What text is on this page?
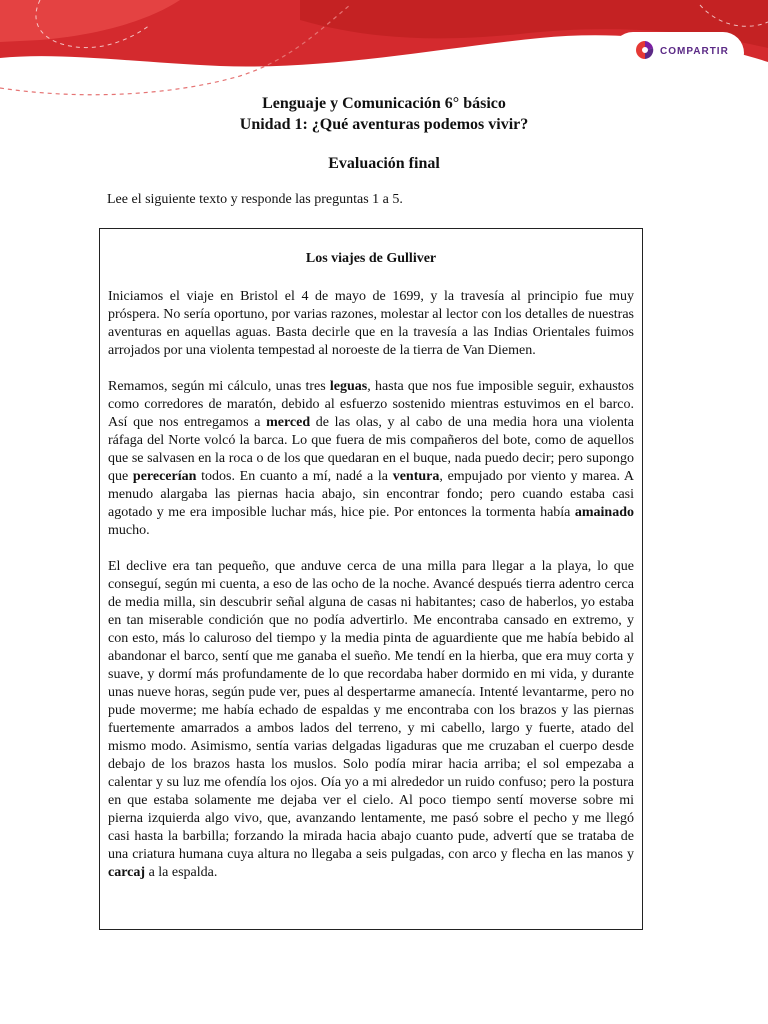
COMPARTIR
Lenguaje y Comunicación 6° básico
Unidad 1: ¿Qué aventuras podemos vivir?
Evaluación final
Lee el siguiente texto y responde las preguntas 1 a 5.
Los viajes de Gulliver

Iniciamos el viaje en Bristol el 4 de mayo de 1699, y la travesía al principio fue muy próspera. No sería oportuno, por varias razones, molestar al lector con los detalles de nuestras aventuras en aquellas aguas. Basta decirle que en la travesía a las Indias Orientales fuimos arrojados por una violenta tempestad al noroeste de la tierra de Van Diemen.

Remamos, según mi cálculo, unas tres leguas, hasta que nos fue imposible seguir, exhaustos como corredores de maratón, debido al esfuerzo sostenido mientras estuvimos en el barco. Así que nos entregamos a merced de las olas, y al cabo de una media hora una violenta ráfaga del Norte volcó la barca. Lo que fuera de mis compañeros del bote, como de aquellos que se salvasen en la roca o de los que quedaran en el buque, nada puedo decir; pero supongo que perecerían todos. En cuanto a mí, nadé a la ventura, empujado por viento y marea. A menudo alargaba las piernas hacia abajo, sin encontrar fondo; pero cuando estaba casi agotado y me era imposible luchar más, hice pie. Por entonces la tormenta había amainado mucho.

El declive era tan pequeño, que anduve cerca de una milla para llegar a la playa, lo que conseguí, según mi cuenta, a eso de las ocho de la noche. Avancé después tierra adentro cerca de media milla, sin descubrir señal alguna de casas ni habitantes; caso de haberlos, yo estaba en tan miserable condición que no podía advertirlo. Me encontraba cansado en extremo, y con esto, más lo caluroso del tiempo y la media pinta de aguardiente que me había bebido al abandonar el barco, sentí que me ganaba el sueño. Me tendí en la hierba, que era muy corta y suave, y dormí más profundamente de lo que recordaba haber dormido en mi vida, y durante unas nueve horas, según pude ver, pues al despertarme amanecía. Intenté levantarme, pero no pude moverme; me había echado de espaldas y me encontraba con los brazos y las piernas fuertemente amarrados a ambos lados del terreno, y mi cabello, largo y fuerte, atado del mismo modo. Asimismo, sentía varias delgadas ligaduras que me cruzaban el cuerpo desde debajo de los brazos hasta los muslos. Solo podía mirar hacia arriba; el sol empezaba a calentar y su luz me ofendía los ojos. Oía yo a mi alrededor un ruido confuso; pero la postura en que estaba solamente me dejaba ver el cielo. Al poco tiempo sentí moverse sobre mi pierna izquierda algo vivo, que, avanzando lentamente, me pasó sobre el pecho y me llegó casi hasta la barbilla; forzando la mirada hacia abajo cuanto pude, advertí que se trataba de una criatura humana cuya altura no llegaba a seis pulgadas, con arco y flecha en las manos y carcaj a la espalda.
